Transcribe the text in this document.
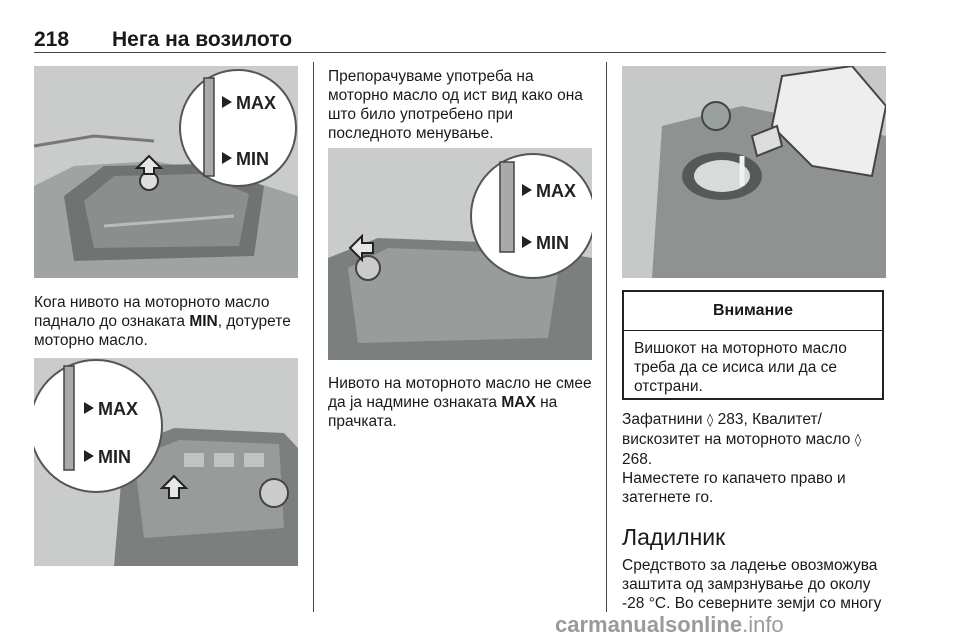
218 Нега на возилото
MAX
MIN

Кога нивото на моторното масло паднало до ознаката MIN, дотурете моторно масло.

MAX
MIN

Препорачуваме употреба на моторно масло од ист вид како она што било употребено при последното менување.

MAX
MIN

Нивото на моторното масло не смее да ја надмине ознаката MAX на прачката.

Внимание
Вишокот на моторното масло треба да се исиса или да се отстрани.

Зафатнини ◊ 283, Квалитет/ вискозитет на моторното масло ◊ 268.

Наместете го капачето право и затегнете го.

Ладилник

Средството за ладење овозможува заштита од замрзнување до околу -28 °C. Во северните земји со многу

carmanualsonline.info
